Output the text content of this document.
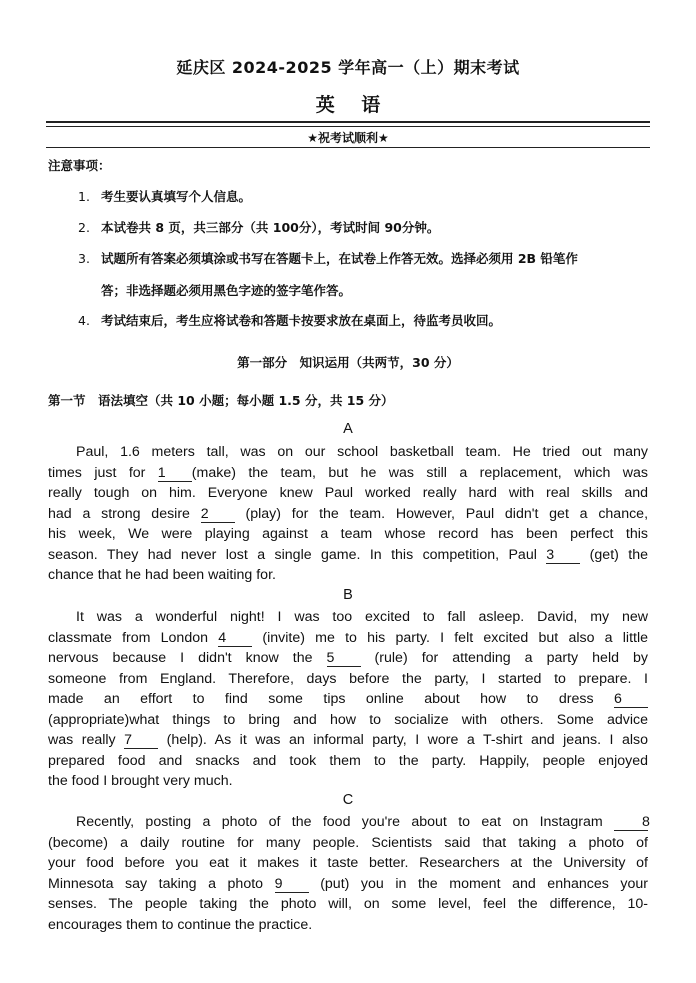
延庆区 2024-2025 学年高一（上）期末考试
英 语
★祝考试顺利★
注意事项：
1. 考生要认真填写个人信息。
2. 本试卷共 8 页，共三部分（共 100分），考试时间 90分钟。
3. 试题所有答案必须填涂或书写在答题卡上，在试卷上作答无效。选择必须用 2B 铅笔作
答；非选择题必须用黑色字迹的签字笔作答。
4. 考试结束后，考生应将试卷和答题卡按要求放在桌面上，待监考员收回。
第一部分　知识运用（共两节，30 分）
第一节　语法填空（共 10 小题；每小题 1.5 分，共 15 分）
A
Paul, 1.6 meters tall, was on our school basketball team. He tried out many
times just for 1 (make) the team, but he was still a replacement, which was
really tough on him. Everyone knew Paul worked really hard with real skills and
had a strong desire 2 (play) for the team. However, Paul didn't get a chance,
his week, We were playing against a team whose record has been perfect this
season. They had never lost a single game. In this competition, Paul 3 (get) the
chance that he had been waiting for.
B
It was a wonderful night! I was too excited to fall asleep. David, my new
classmate from London 4 (invite) me to his party. I felt excited but also a little
nervous because I didn't know the 5 (rule) for attending a party held by
someone from England. Therefore, days before the party, I started to prepare. I
made an effort to find some tips online about how to dress 6
(appropriate)what things to bring and how to socialize with others. Some advice
was really 7 (help). As it was an informal party, I wore a T-shirt and jeans. I also
prepared food and snacks and took them to the party. Happily, people enjoyed
the food I brought very much.
C
Recently, posting a photo of the food you're about to eat on Instagram 8
(become) a daily routine for many people. Scientists said that taking a photo of
your food before you eat it makes it taste better. Researchers at the University of
Minnesota say taking a photo 9 (put) you in the moment and enhances your
senses. The people taking the photo will, on some level, feel the difference, 10-
encourages them to continue the practice.
